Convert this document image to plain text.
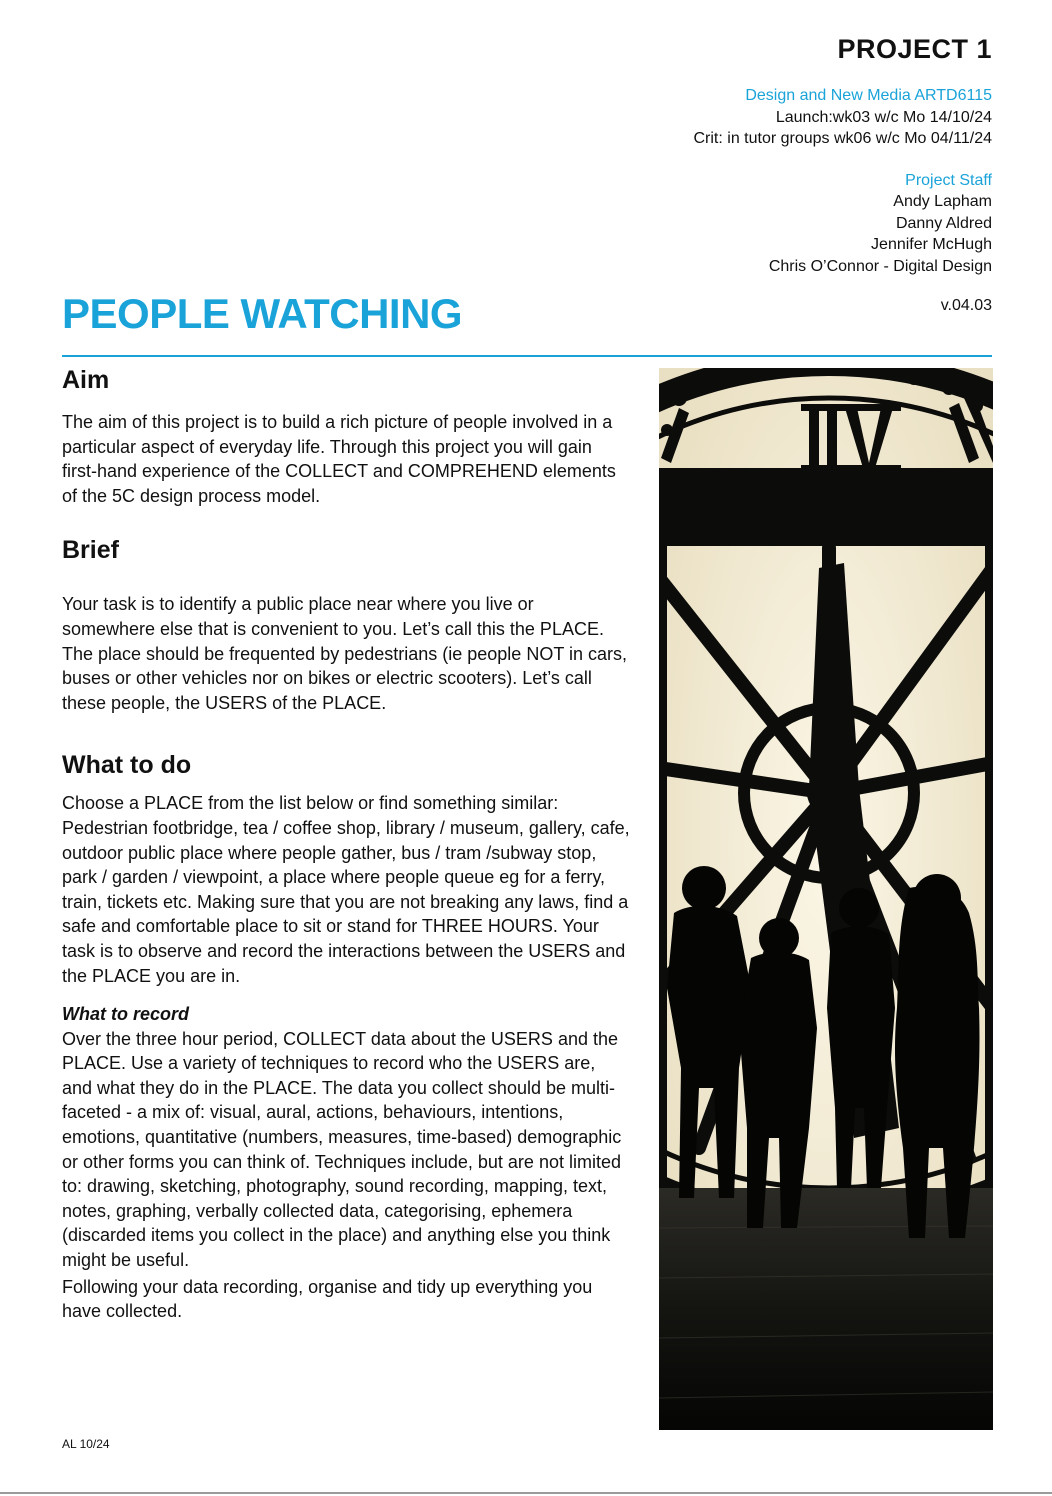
PROJECT 1

Design and New Media ARTD6115

Launch:wk03 w/c Mo 14/10/24

Crit: in tutor groups wk06 w/c Mo 04/11/24

Project Staff

Andy Lapham

Danny Aldred

Jennifer McHugh

Chris O’Connor - Digital Design

v.04.03

PEOPLE WATCHING
Aim

The aim of this project is to build a rich picture of people involved in a particular aspect of everyday life. Through this project you will gain first-hand experience of the COLLECT and COMPREHEND elements of the 5C design process model.

Brief

Your task is to identify a public place near where you live or somewhere else that is convenient to you. Let’s call this the PLACE. The place should be frequented by pedestrians (ie people NOT in cars, buses or other vehicles nor on bikes or electric scooters). Let’s call these people, the USERS of the PLACE.

What to do

Choose a PLACE from the list below or find something similar: Pedestrian footbridge, tea / coffee shop, library / museum, gallery, cafe, outdoor public place where people gather, bus / tram /subway stop, park / garden / viewpoint, a place where people queue eg for a ferry, train, tickets etc. Making sure that you are not breaking any laws, find a safe and comfortable place to sit or stand for THREE HOURS. Your task is to observe and record the interactions between the USERS and the PLACE you are in.

What to record

Over the three hour period, COLLECT data about the USERS and the PLACE. Use a variety of techniques to record who the USERS are, and what they do in the PLACE. The data you collect should be multi-faceted - a mix of: visual, aural, actions, behaviours, intentions, emotions, quantitative (numbers, measures, time-based) demographic or other forms you can think of. Techniques include, but are not limited to: drawing, sketching, photography, sound recording, mapping, text, notes, graphing, verbally collected data, categorising, ephemera (discarded items you collect in the place) and anything else you think might be useful.

Following your data recording, organise and tidy up everything you have collected.

AL 10/24
